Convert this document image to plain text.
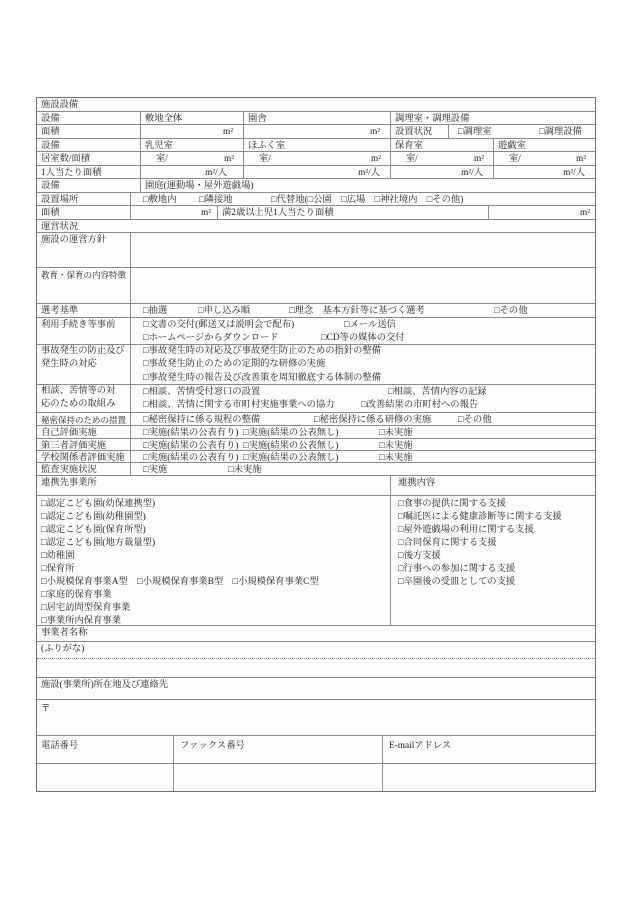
施設設備
設備	敷地全体	園舎	調理室・調理設備
面積	m²	m²	設置状況	□調理室	□調理設備
設備	乳児室	ほふく室	保育室	遊戯室
居室数/面積	室/	m²	室/	m²	室/	m²	室/	m²
1人当たり面積	m²/人	m²/人	m²/人	m²/人
設備	園庭(運動場・屋外遊戯場)
設置場所	□敷地内 □隣接地	□代替地(□公園　□広場　□神社境内　□その他)
面積	m²	満2歳以上児1人当たり面積	m²
運営状況
施設の運営方針
教育・保育の内容特徴
選考基準	□抽選	□申し込み順	□理念　基本方針等に基づく選考	□その他
利用手続き等事前	□文書の交付(郵送又は説明会で配布)	□メール送信
□ホームページからダウンロード	□CD等の媒体の交付
事故発生の防止及び
発生時の対応
□事故発生時の対応及び事故発生防止のための指針の整備
□事故発生防止のための定期的な研修の実施
□事故発生時の報告及び改善策を周知徹底する体制の整備
相談、苦情等の対
応のための取組み
□相談、苦情受付窓口の設置	□相談、苦情内容の記録
□相談、苦情に関する市町村実施事業への協力	□改善結果の市町村への報告
秘密保持のための措置	□秘密保持に係る規程の整備	□秘密保持に係る研修の実施	□その他
自己評価実施	□実施(結果の公表有り) □実施(結果の公表無し)	□未実施
第三者評価実施	□実施(結果の公表有り) □実施(結果の公表無し)	□未実施
学校関係者評価実施	□実施(結果の公表有り) □実施(結果の公表無し)	□未実施
監査実施状況	□実施	□未実施
連携先事業所	連携内容
□認定こども園(幼保連携型)
□認定こども園(幼稚園型)
□認定こども園(保育所型)
□認定こども園(地方裁量型)
□幼稚園
□保育所
□小規模保育事業A型　□小規模保育事業B型　□小規模保育事業C型
□家庭的保育事業
□居宅訪問型保育事業
□事業所内保育事業
□食事の提供に関する支援
□嘱託医による健康診断等に関する支援
□屋外遊戯場の利用に関する支援
□合同保育に関する支援
□後方支援
□行事への参加に関する支援
□卒園後の受皿としての支援
事業者名称
(ふりがな)
施設(事業所)所在地及び連絡先
〒
電話番号	ファックス番号	E-mailアドレス
